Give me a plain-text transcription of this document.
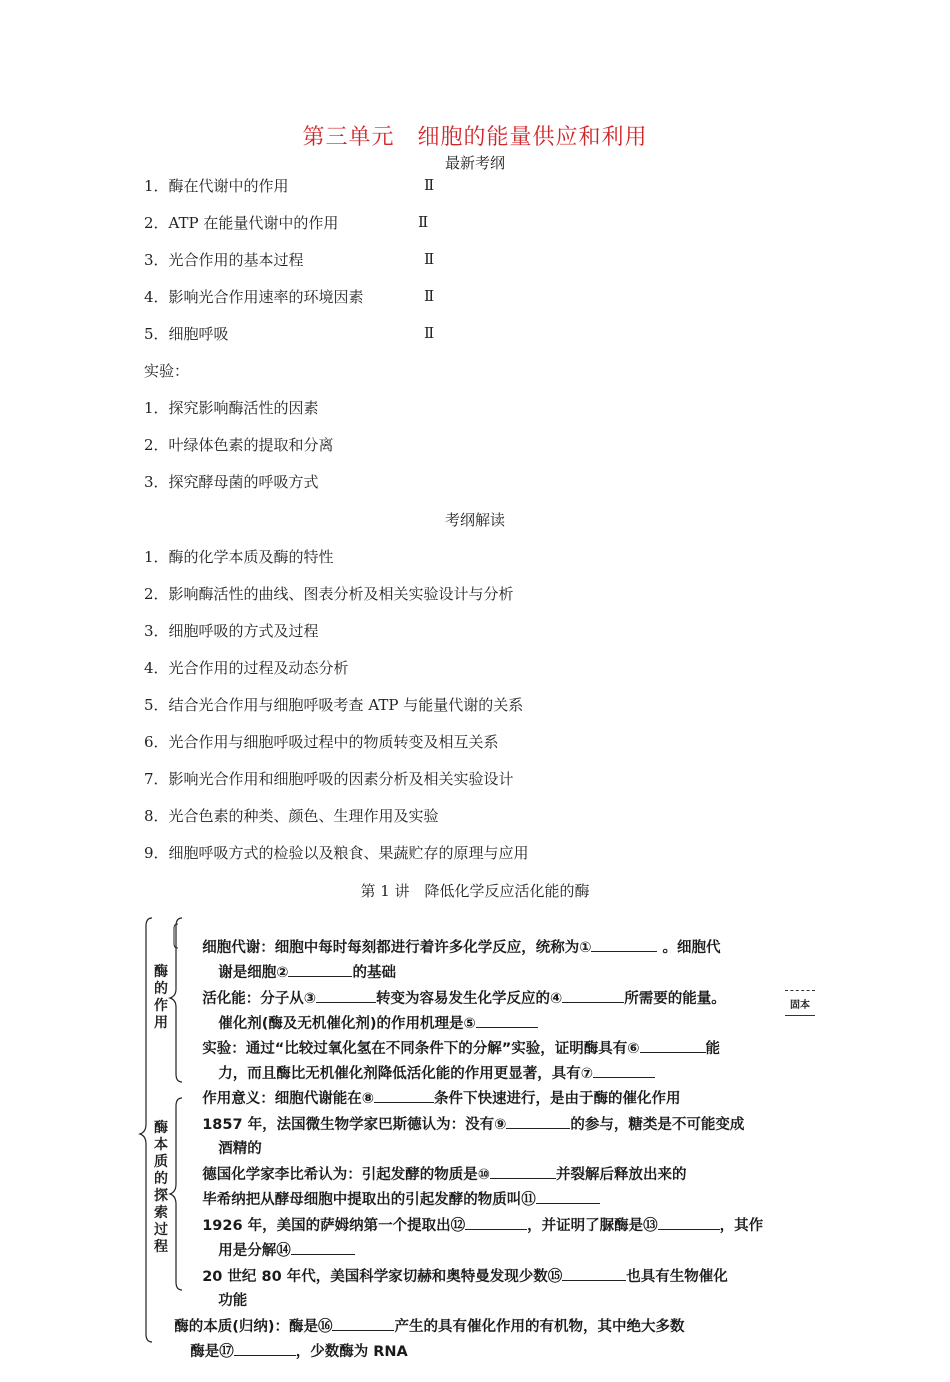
第三单元　细胞的能量供应和利用
最新考纲
1．酶在代谢中的作用	Ⅱ
2．ATP 在能量代谢中的作用	Ⅱ
3．光合作用的基本过程	Ⅱ
4．影响光合作用速率的环境因素	Ⅱ
5．细胞呼吸	Ⅱ
实验：
1．探究影响酶活性的因素
2．叶绿体色素的提取和分离
3．探究酵母菌的呼吸方式
考纲解读
1．酶的化学本质及酶的特性
2．影响酶活性的曲线、图表分析及相关实验设计与分析
3．细胞呼吸的方式及过程
4．光合作用的过程及动态分析
5．结合光合作用与细胞呼吸考查 ATP 与能量代谢的关系
6．光合作用与细胞呼吸过程中的物质转变及相互关系
7．影响光合作用和细胞呼吸的因素分析及相关实验设计
8．光合色素的种类、颜色、生理作用及实验
9．细胞呼吸方式的检验以及粮食、果蔬贮存的原理与应用
第 1 讲　降低化学反应活化能的酶
酶的作用
酶本质的探索过程
固本

细胞代谢：细胞中每时每刻都进行着许多化学反应，统称为①	。细胞代

谢是细胞②	的基础

活化能：分子从③	转变为容易发生化学反应的④	所需要的能量。

催化剂(酶及无机催化剂)的作用机理是⑤

实验：通过“比较过氧化氢在不同条件下的分解”实验，证明酶具有⑥	能

力，而且酶比无机催化剂降低活化能的作用更显著，具有⑦

作用意义：细胞代谢能在⑧	条件下快速进行，是由于酶的催化作用

1857 年，法国微生物学家巴斯德认为：没有⑨	的参与，糖类是不可能变成

酒精的

德国化学家李比希认为：引起发酵的物质是⑩	并裂解后释放出来的

毕希纳把从酵母细胞中提取出的引起发酵的物质叫⑪

1926 年，美国的萨姆纳第一个提取出⑫	，并证明了脲酶是⑬	，其作

用是分解⑭

20 世纪 80 年代，美国科学家切赫和奥特曼发现少数⑮	也具有生物催化

功能

酶的本质(归纳)：酶是⑯	产生的具有催化作用的有机物，其中绝大多数

酶是⑰	，少数酶为 RNA
